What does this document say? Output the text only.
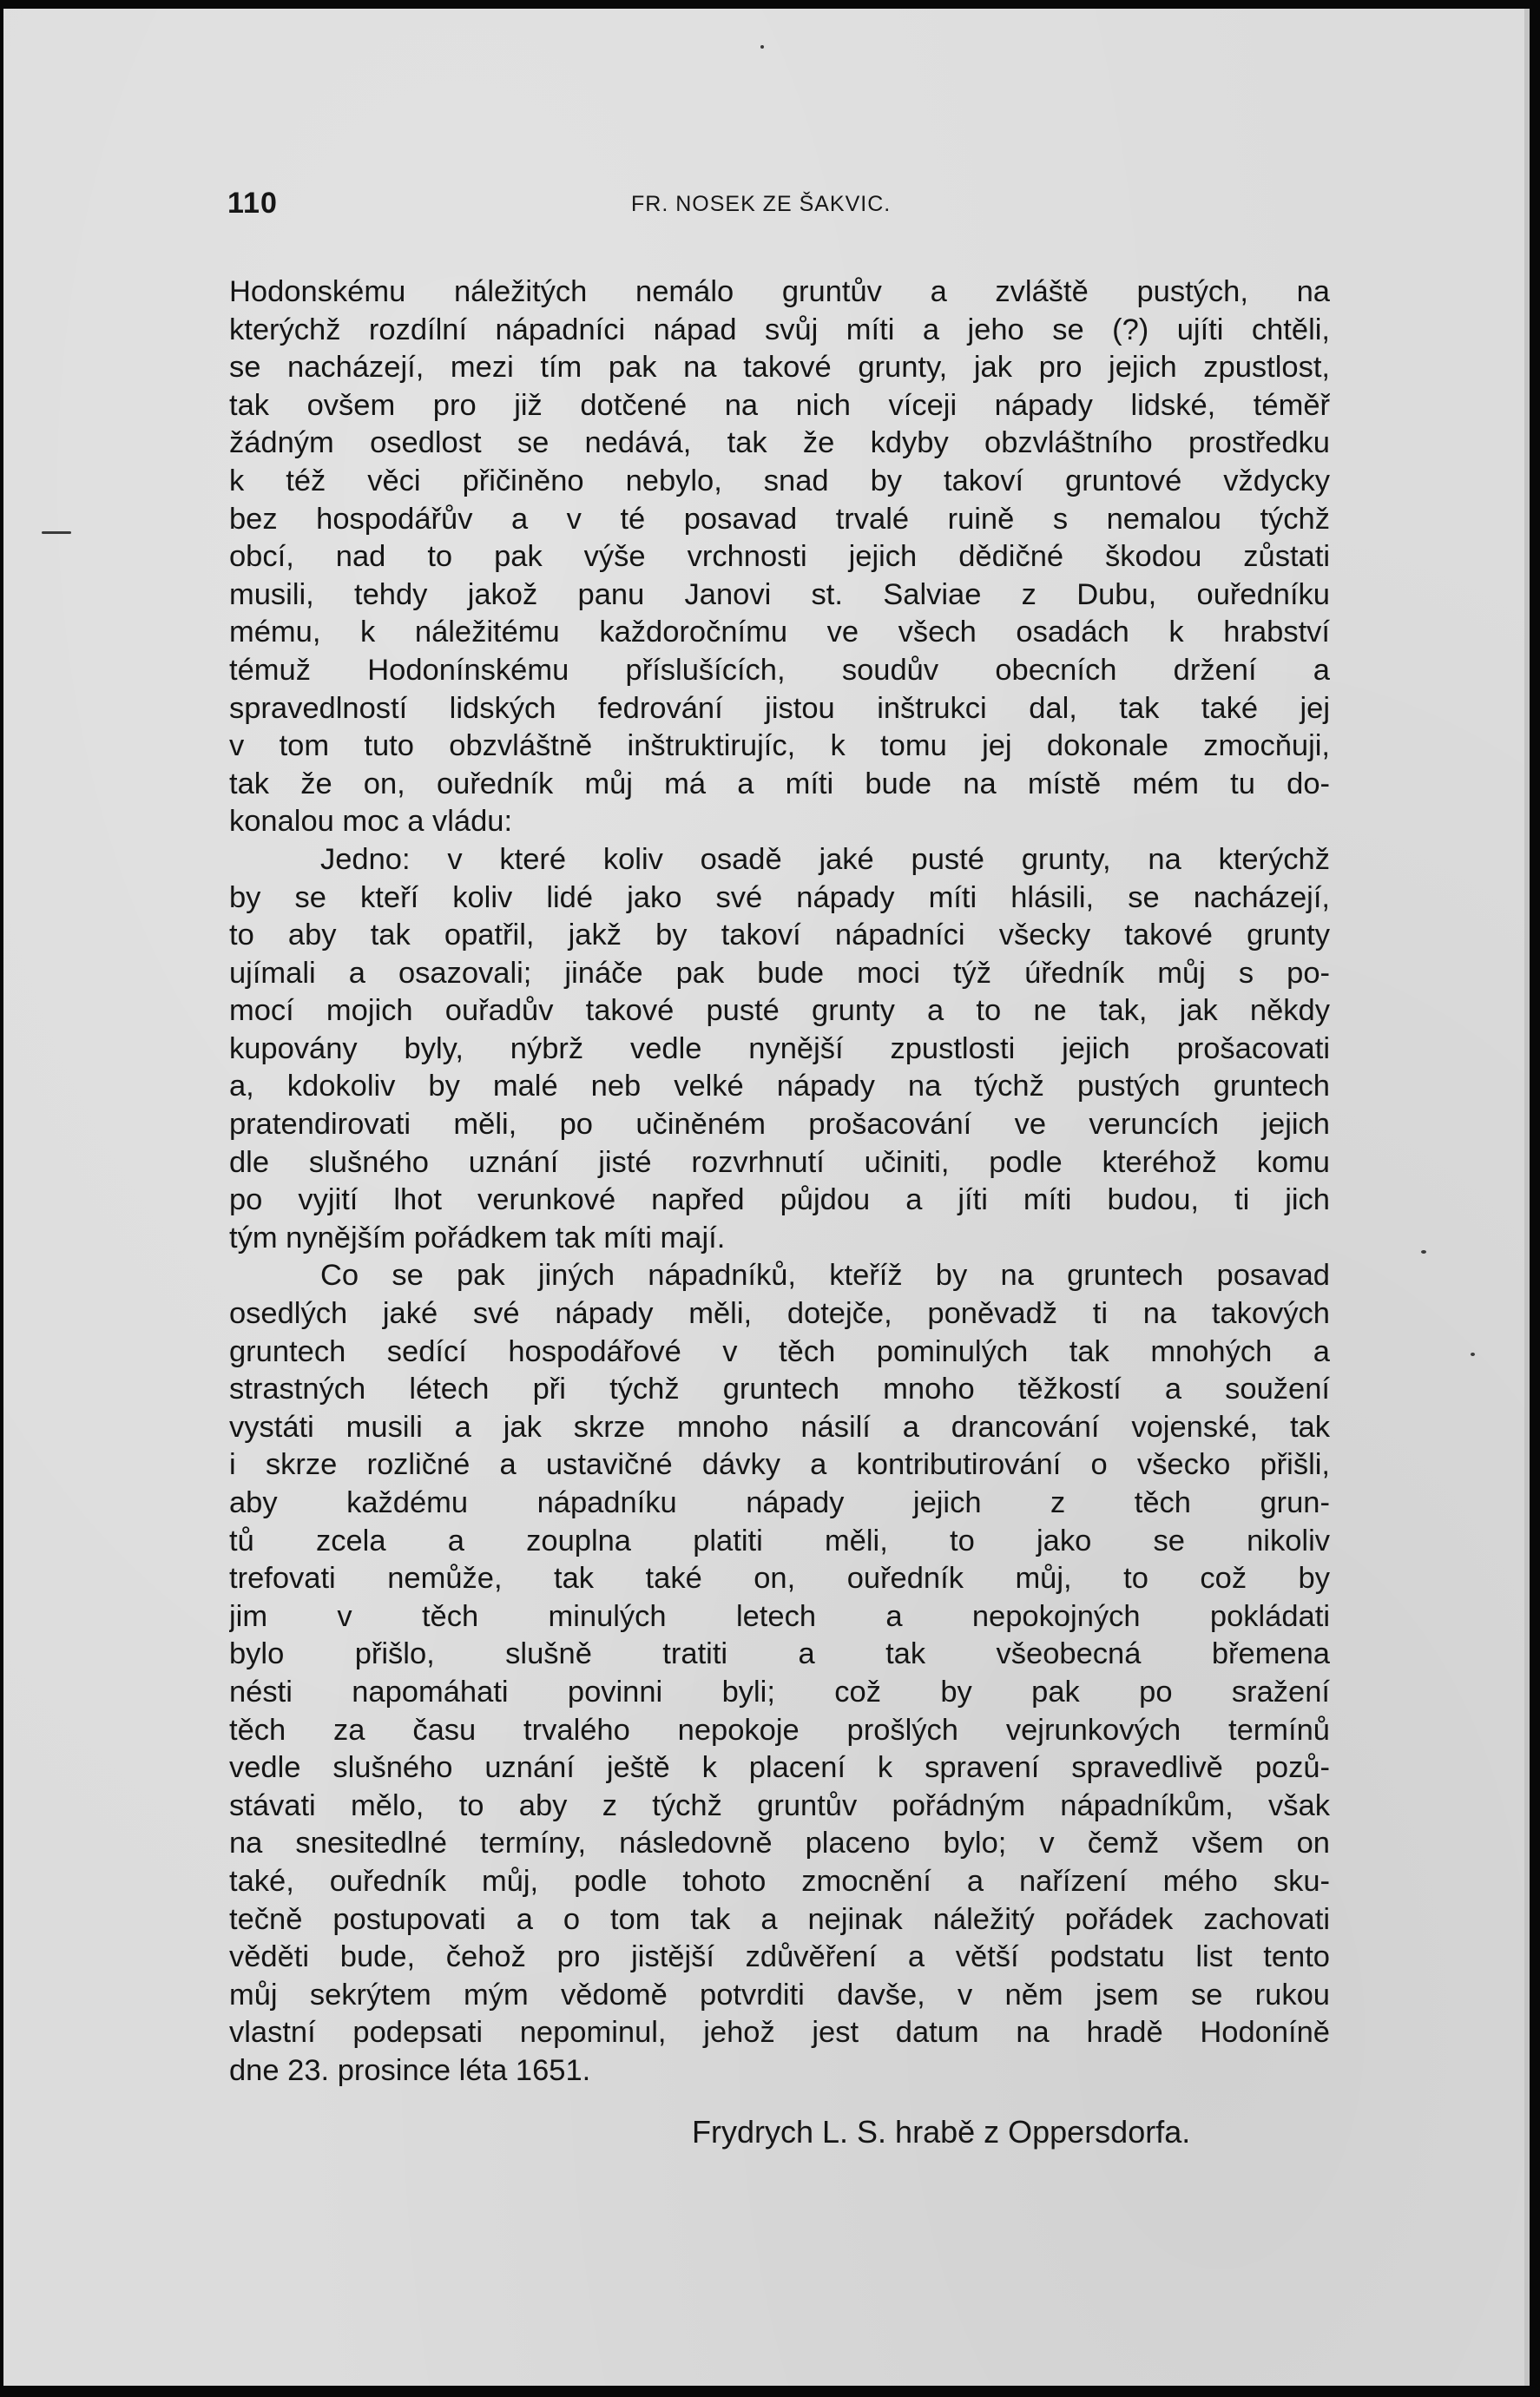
110	FR. NOSEK ZE ŠAKVIC.
Hodonskému náležitých nemálo gruntův a zvláště pustých, na
kterýchž rozdílní nápadníci nápad svůj míti a jeho se (?) ujíti chtěli,
se nacházejí, mezi tím pak na takové grunty, jak pro jejich zpustlost,
tak ovšem pro již dotčené na nich víceji nápady lidské, téměř
žádným osedlost se nedává, tak že kdyby obzvláštního prostředku
k též věci přičiněno nebylo, snad by takoví gruntové vždycky
bez hospodářův a v té posavad trvalé ruině s nemalou týchž
obcí, nad to pak výše vrchnosti jejich dědičné škodou zůstati
musili, tehdy jakož panu Janovi st. Salviae z Dubu, ouředníku
mému, k náležitému každoročnímu ve všech osadách k hrabství
témuž Hodonínskému příslušících, soudův obecních držení a
spravedlností lidských fedrování jistou inštrukci dal, tak také jej
v tom tuto obzvláštně inštruktirujíc, k tomu jej dokonale zmocňuji,
tak že on, ouředník můj má a míti bude na místě mém tu do-
konalou moc a vládu:
Jedno: v které koliv osadě jaké pusté grunty, na kterýchž
by se kteří koliv lidé jako své nápady míti hlásili, se nacházejí,
to aby tak opatřil, jakž by takoví nápadníci všecky takové grunty
ujímali a osazovali; jináče pak bude moci týž úředník můj s po-
mocí mojich ouřadův takové pusté grunty a to ne tak, jak někdy
kupovány byly, nýbrž vedle nynější zpustlosti jejich prošacovati
a, kdokoliv by malé neb velké nápady na týchž pustých gruntech
pratendirovati měli, po učiněném prošacování ve veruncích jejich
dle slušného uznání jisté rozvrhnutí učiniti, podle kteréhož komu
po vyjití lhot verunkové napřed půjdou a jíti míti budou, ti jich
tým nynějším pořádkem tak míti mají.
Co se pak jiných nápadníků, kteříž by na gruntech posavad
osedlých jaké své nápady měli, dotejče, poněvadž ti na takových
gruntech sedící hospodářové v těch pominulých tak mnohých a
strastných létech při týchž gruntech mnoho těžkostí a soužení
vystáti musili a jak skrze mnoho násilí a drancování vojenské, tak
i skrze rozličné a ustavičné dávky a kontributirování o všecko přišli,
aby každému nápadníku nápady jejich z těch grun-
tů zcela a zouplna platiti měli, to jako se nikoliv
trefovati nemůže, tak také on, ouředník můj, to což by
jim v těch minulých letech a nepokojných pokládati
bylo přišlo, slušně tratiti a tak všeobecná břemena
nésti napomáhati povinni byli; což by pak po sražení
těch za času trvalého nepokoje prošlých vejrunkových termínů
vedle slušného uznání ještě k placení k spravení spravedlivě pozů-
stávati mělo, to aby z týchž gruntův pořádným nápadníkům, však
na snesitedlné termíny, následovně placeno bylo; v čemž všem on
také, ouředník můj, podle tohoto zmocnění a nařízení mého sku-
tečně postupovati a o tom tak a nejinak náležitý pořádek zachovati
věděti bude, čehož pro jistější zdůvěření a větší podstatu list tento
můj sekrýtem mým vědomě potvrditi davše, v něm jsem se rukou
vlastní podepsati nepominul, jehož jest datum na hradě Hodoníně
dne 23. prosince léta 1651.
Frydrych L. S. hrabě z Oppersdorfa.
